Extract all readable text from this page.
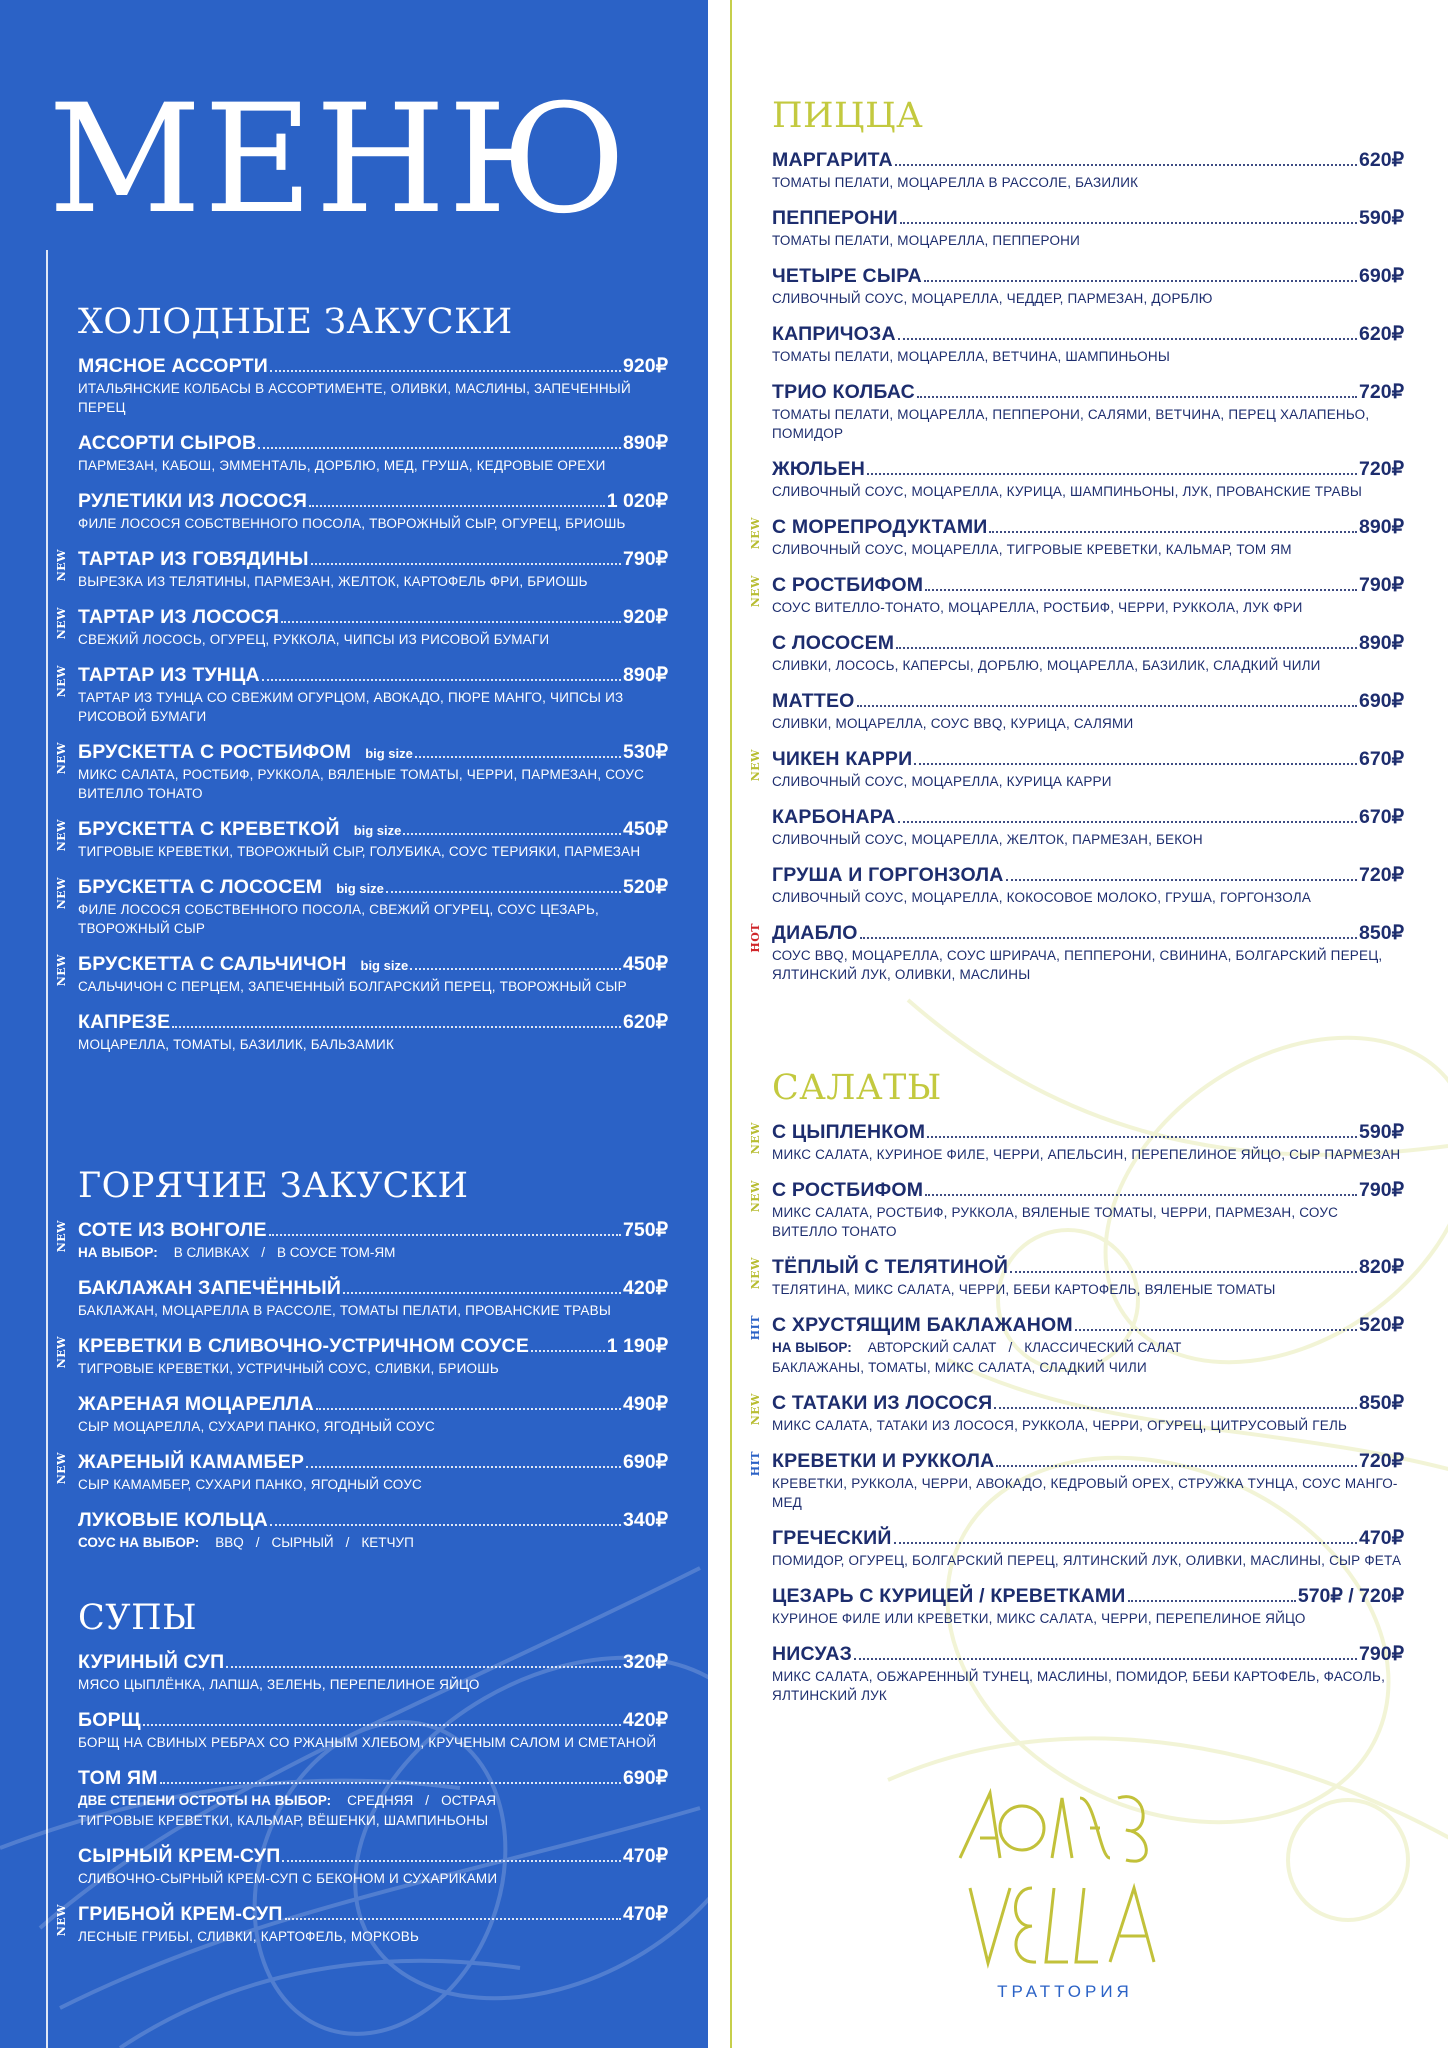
МЕНЮ
ХОЛОДНЫЕ ЗАКУСКИ
МЯСНОЕ АССОРТИ	920₽
ИТАЛЬЯНСКИЕ КОЛБАСЫ В АССОРТИМЕНТЕ, ОЛИВКИ, МАСЛИНЫ, ЗАПЕЧЕННЫЙ ПЕРЕЦ
АССОРТИ СЫРОВ	890₽
ПАРМЕЗАН, КАБОШ, ЭММЕНТАЛЬ, ДОРБЛЮ, МЕД, ГРУША, КЕДРОВЫЕ ОРЕХИ
РУЛЕТИКИ ИЗ ЛОСОСЯ	1 020₽
ФИЛЕ ЛОСОСЯ СОБСТВЕННОГО ПОСОЛА, ТВОРОЖНЫЙ СЫР, ОГУРЕЦ, БРИОШЬ
NEW ТАРТАР ИЗ ГОВЯДИНЫ	790₽
ВЫРЕЗКА ИЗ ТЕЛЯТИНЫ, ПАРМЕЗАН, ЖЕЛТОК, КАРТОФЕЛЬ ФРИ, БРИОШЬ
NEW ТАРТАР ИЗ ЛОСОСЯ	920₽
СВЕЖИЙ ЛОСОСЬ, ОГУРЕЦ, РУККОЛА, ЧИПСЫ ИЗ РИСОВОЙ БУМАГИ
NEW ТАРТАР ИЗ ТУНЦА	890₽
ТАРТАР ИЗ ТУНЦА СО СВЕЖИМ ОГУРЦОМ, АВОКАДО, ПЮРЕ МАНГО, ЧИПСЫ ИЗ РИСОВОЙ БУМАГИ
NEW БРУСКЕТТА С РОСТБИФОМ big size	530₽
МИКС САЛАТА, РОСТБИФ, РУККОЛА, ВЯЛЕНЫЕ ТОМАТЫ, ЧЕРРИ, ПАРМЕЗАН, СОУС ВИТЕЛЛО ТОНАТО
NEW БРУСКЕТТА С КРЕВЕТКОЙ big size	450₽
ТИГРОВЫЕ КРЕВЕТКИ, ТВОРОЖНЫЙ СЫР, ГОЛУБИКА, СОУС ТЕРИЯКИ, ПАРМЕЗАН
NEW БРУСКЕТТА С ЛОСОСЕМ big size	520₽
ФИЛЕ ЛОСОСЯ СОБСТВЕННОГО ПОСОЛА, СВЕЖИЙ ОГУРЕЦ, СОУС ЦЕЗАРЬ, ТВОРОЖНЫЙ СЫР
NEW БРУСКЕТТА С САЛЬЧИЧОН big size	450₽
САЛЬЧИЧОН С ПЕРЦЕМ, ЗАПЕЧЕННЫЙ БОЛГАРСКИЙ ПЕРЕЦ, ТВОРОЖНЫЙ СЫР
КАПРЕЗЕ	620₽
МОЦАРЕЛЛА, ТОМАТЫ, БАЗИЛИК, БАЛЬЗАМИК
ГОРЯЧИЕ ЗАКУСКИ
NEW СОТЕ ИЗ ВОНГОЛЕ	750₽
НА ВЫБОР: В СЛИВКАХ / В СОУСЕ ТОМ-ЯМ
БАКЛАЖАН ЗАПЕЧЁННЫЙ	420₽
БАКЛАЖАН, МОЦАРЕЛЛА В РАССОЛЕ, ТОМАТЫ ПЕЛАТИ, ПРОВАНСКИЕ ТРАВЫ
NEW КРЕВЕТКИ В СЛИВОЧНО-УСТРИЧНОМ СОУСЕ	1 190₽
ТИГРОВЫЕ КРЕВЕТКИ, УСТРИЧНЫЙ СОУС, СЛИВКИ, БРИОШЬ
ЖАРЕНАЯ МОЦАРЕЛЛА	490₽
СЫР МОЦАРЕЛЛА, СУХАРИ ПАНКО, ЯГОДНЫЙ СОУС
NEW ЖАРЕНЫЙ КАМАМБЕР	690₽
СЫР КАМАМБЕР, СУХАРИ ПАНКО, ЯГОДНЫЙ СОУС
ЛУКОВЫЕ КОЛЬЦА	340₽
СОУС НА ВЫБОР: BBQ / СЫРНЫЙ / КЕТЧУП
СУПЫ
КУРИНЫЙ СУП	320₽
МЯСО ЦЫПЛЁНКА, ЛАПША, ЗЕЛЕНЬ, ПЕРЕПЕЛИНОЕ ЯЙЦО
БОРЩ	420₽
БОРЩ НА СВИНЫХ РЕБРАХ СО РЖАНЫМ ХЛЕБОМ, КРУЧЕНЫМ САЛОМ И СМЕТАНОЙ
ТОМ ЯМ	690₽
ДВЕ СТЕПЕНИ ОСТРОТЫ НА ВЫБОР: СРЕДНЯЯ / ОСТРАЯ
ТИГРОВЫЕ КРЕВЕТКИ, КАЛЬМАР, ВЁШЕНКИ, ШАМПИНЬОНЫ
СЫРНЫЙ КРЕМ-СУП	470₽
СЛИВОЧНО-СЫРНЫЙ КРЕМ-СУП С БЕКОНОМ И СУХАРИКАМИ
NEW ГРИБНОЙ КРЕМ-СУП	470₽
ЛЕСНЫЕ ГРИБЫ, СЛИВКИ, КАРТОФЕЛЬ, МОРКОВЬ
ПИЦЦА
МАРГАРИТА	620₽
ТОМАТЫ ПЕЛАТИ, МОЦАРЕЛЛА В РАССОЛЕ, БАЗИЛИК
ПЕППЕРОНИ	590₽
ТОМАТЫ ПЕЛАТИ, МОЦАРЕЛЛА, ПЕППЕРОНИ
ЧЕТЫРЕ СЫРА	690₽
СЛИВОЧНЫЙ СОУС, МОЦАРЕЛЛА, ЧЕДДЕР, ПАРМЕЗАН, ДОРБЛЮ
КАПРИЧОЗА	620₽
ТОМАТЫ ПЕЛАТИ, МОЦАРЕЛЛА, ВЕТЧИНА, ШАМПИНЬОНЫ
ТРИО КОЛБАС	720₽
ТОМАТЫ ПЕЛАТИ, МОЦАРЕЛЛА, ПЕППЕРОНИ, САЛЯМИ, ВЕТЧИНА, ПЕРЕЦ ХАЛАПЕНЬО, ПОМИДОР
ЖЮЛЬЕН	720₽
СЛИВОЧНЫЙ СОУС, МОЦАРЕЛЛА, КУРИЦА, ШАМПИНЬОНЫ, ЛУК, ПРОВАНСКИЕ ТРАВЫ
NEW С МОРЕПРОДУКТАМИ	890₽
СЛИВОЧНЫЙ СОУС, МОЦАРЕЛЛА, ТИГРОВЫЕ КРЕВЕТКИ, КАЛЬМАР, ТОМ ЯМ
NEW С РОСТБИФОМ	790₽
СОУС ВИТЕЛЛО-ТОНАТО, МОЦАРЕЛЛА, РОСТБИФ, ЧЕРРИ, РУККОЛА, ЛУК ФРИ
С ЛОСОСЕМ	890₽
СЛИВКИ, ЛОСОСЬ, КАПЕРСЫ, ДОРБЛЮ, МОЦАРЕЛЛА, БАЗИЛИК, СЛАДКИЙ ЧИЛИ
МАТТЕО	690₽
СЛИВКИ, МОЦАРЕЛЛА, СОУС BBQ, КУРИЦА, САЛЯМИ
NEW ЧИКЕН КАРРИ	670₽
СЛИВОЧНЫЙ СОУС, МОЦАРЕЛЛА, КУРИЦА КАРРИ
КАРБОНАРА	670₽
СЛИВОЧНЫЙ СОУС, МОЦАРЕЛЛА, ЖЕЛТОК, ПАРМЕЗАН, БЕКОН
ГРУША И ГОРГОНЗОЛА	720₽
СЛИВОЧНЫЙ СОУС, МОЦАРЕЛЛА, КОКОСОВОЕ МОЛОКО, ГРУША, ГОРГОНЗОЛА
HOT ДИАБЛО	850₽
СОУС BBQ, МОЦАРЕЛЛА, СОУС ШРИРАЧА, ПЕППЕРОНИ, СВИНИНА, БОЛГАРСКИЙ ПЕРЕЦ, ЯЛТИНСКИЙ ЛУК, ОЛИВКИ, МАСЛИНЫ
САЛАТЫ
NEW С ЦЫПЛЕНКОМ	590₽
МИКС САЛАТА, КУРИНОЕ ФИЛЕ, ЧЕРРИ, АПЕЛЬСИН, ПЕРЕПЕЛИНОЕ ЯЙЦО, СЫР ПАРМЕЗАН
NEW С РОСТБИФОМ	790₽
МИКС САЛАТА, РОСТБИФ, РУККОЛА, ВЯЛЕНЫЕ ТОМАТЫ, ЧЕРРИ, ПАРМЕЗАН, СОУС ВИТЕЛЛО ТОНАТО
NEW ТЁПЛЫЙ С ТЕЛЯТИНОЙ	820₽
ТЕЛЯТИНА, МИКС САЛАТА, ЧЕРРИ, БЕБИ КАРТОФЕЛЬ, ВЯЛЕНЫЕ ТОМАТЫ
HIT С ХРУСТЯЩИМ БАКЛАЖАНОМ	520₽
НА ВЫБОР: АВТОРСКИЙ САЛАТ / КЛАССИЧЕСКИЙ САЛАТ
БАКЛАЖАНЫ, ТОМАТЫ, МИКС САЛАТА, СЛАДКИЙ ЧИЛИ
NEW С ТАТАКИ ИЗ ЛОСОСЯ	850₽
МИКС САЛАТА, ТАТАКИ ИЗ ЛОСОСЯ, РУККОЛА, ЧЕРРИ, ОГУРЕЦ, ЦИТРУСОВЫЙ ГЕЛЬ
HIT КРЕВЕТКИ И РУККОЛА	720₽
КРЕВЕТКИ, РУККОЛА, ЧЕРРИ, АВОКАДО, КЕДРОВЫЙ ОРЕХ, СТРУЖКА ТУНЦА, СОУС МАНГО-МЕД
ГРЕЧЕСКИЙ	470₽
ПОМИДОР, ОГУРЕЦ, БОЛГАРСКИЙ ПЕРЕЦ, ЯЛТИНСКИЙ ЛУК, ОЛИВКИ, МАСЛИНЫ, СЫР ФЕТА
ЦЕЗАРЬ С КУРИЦЕЙ / КРЕВЕТКАМИ	570₽ / 720₽
КУРИНОЕ ФИЛЕ ИЛИ КРЕВЕТКИ, МИКС САЛАТА, ЧЕРРИ, ПЕРЕПЕЛИНОЕ ЯЙЦО
НИСУАЗ	790₽
МИКС САЛАТА, ОБЖАРЕННЫЙ ТУНЕЦ, МАСЛИНЫ, ПОМИДОР, БЕБИ КАРТОФЕЛЬ, ФАСОЛЬ, ЯЛТИНСКИЙ ЛУК
ТРАТТОРИЯ
